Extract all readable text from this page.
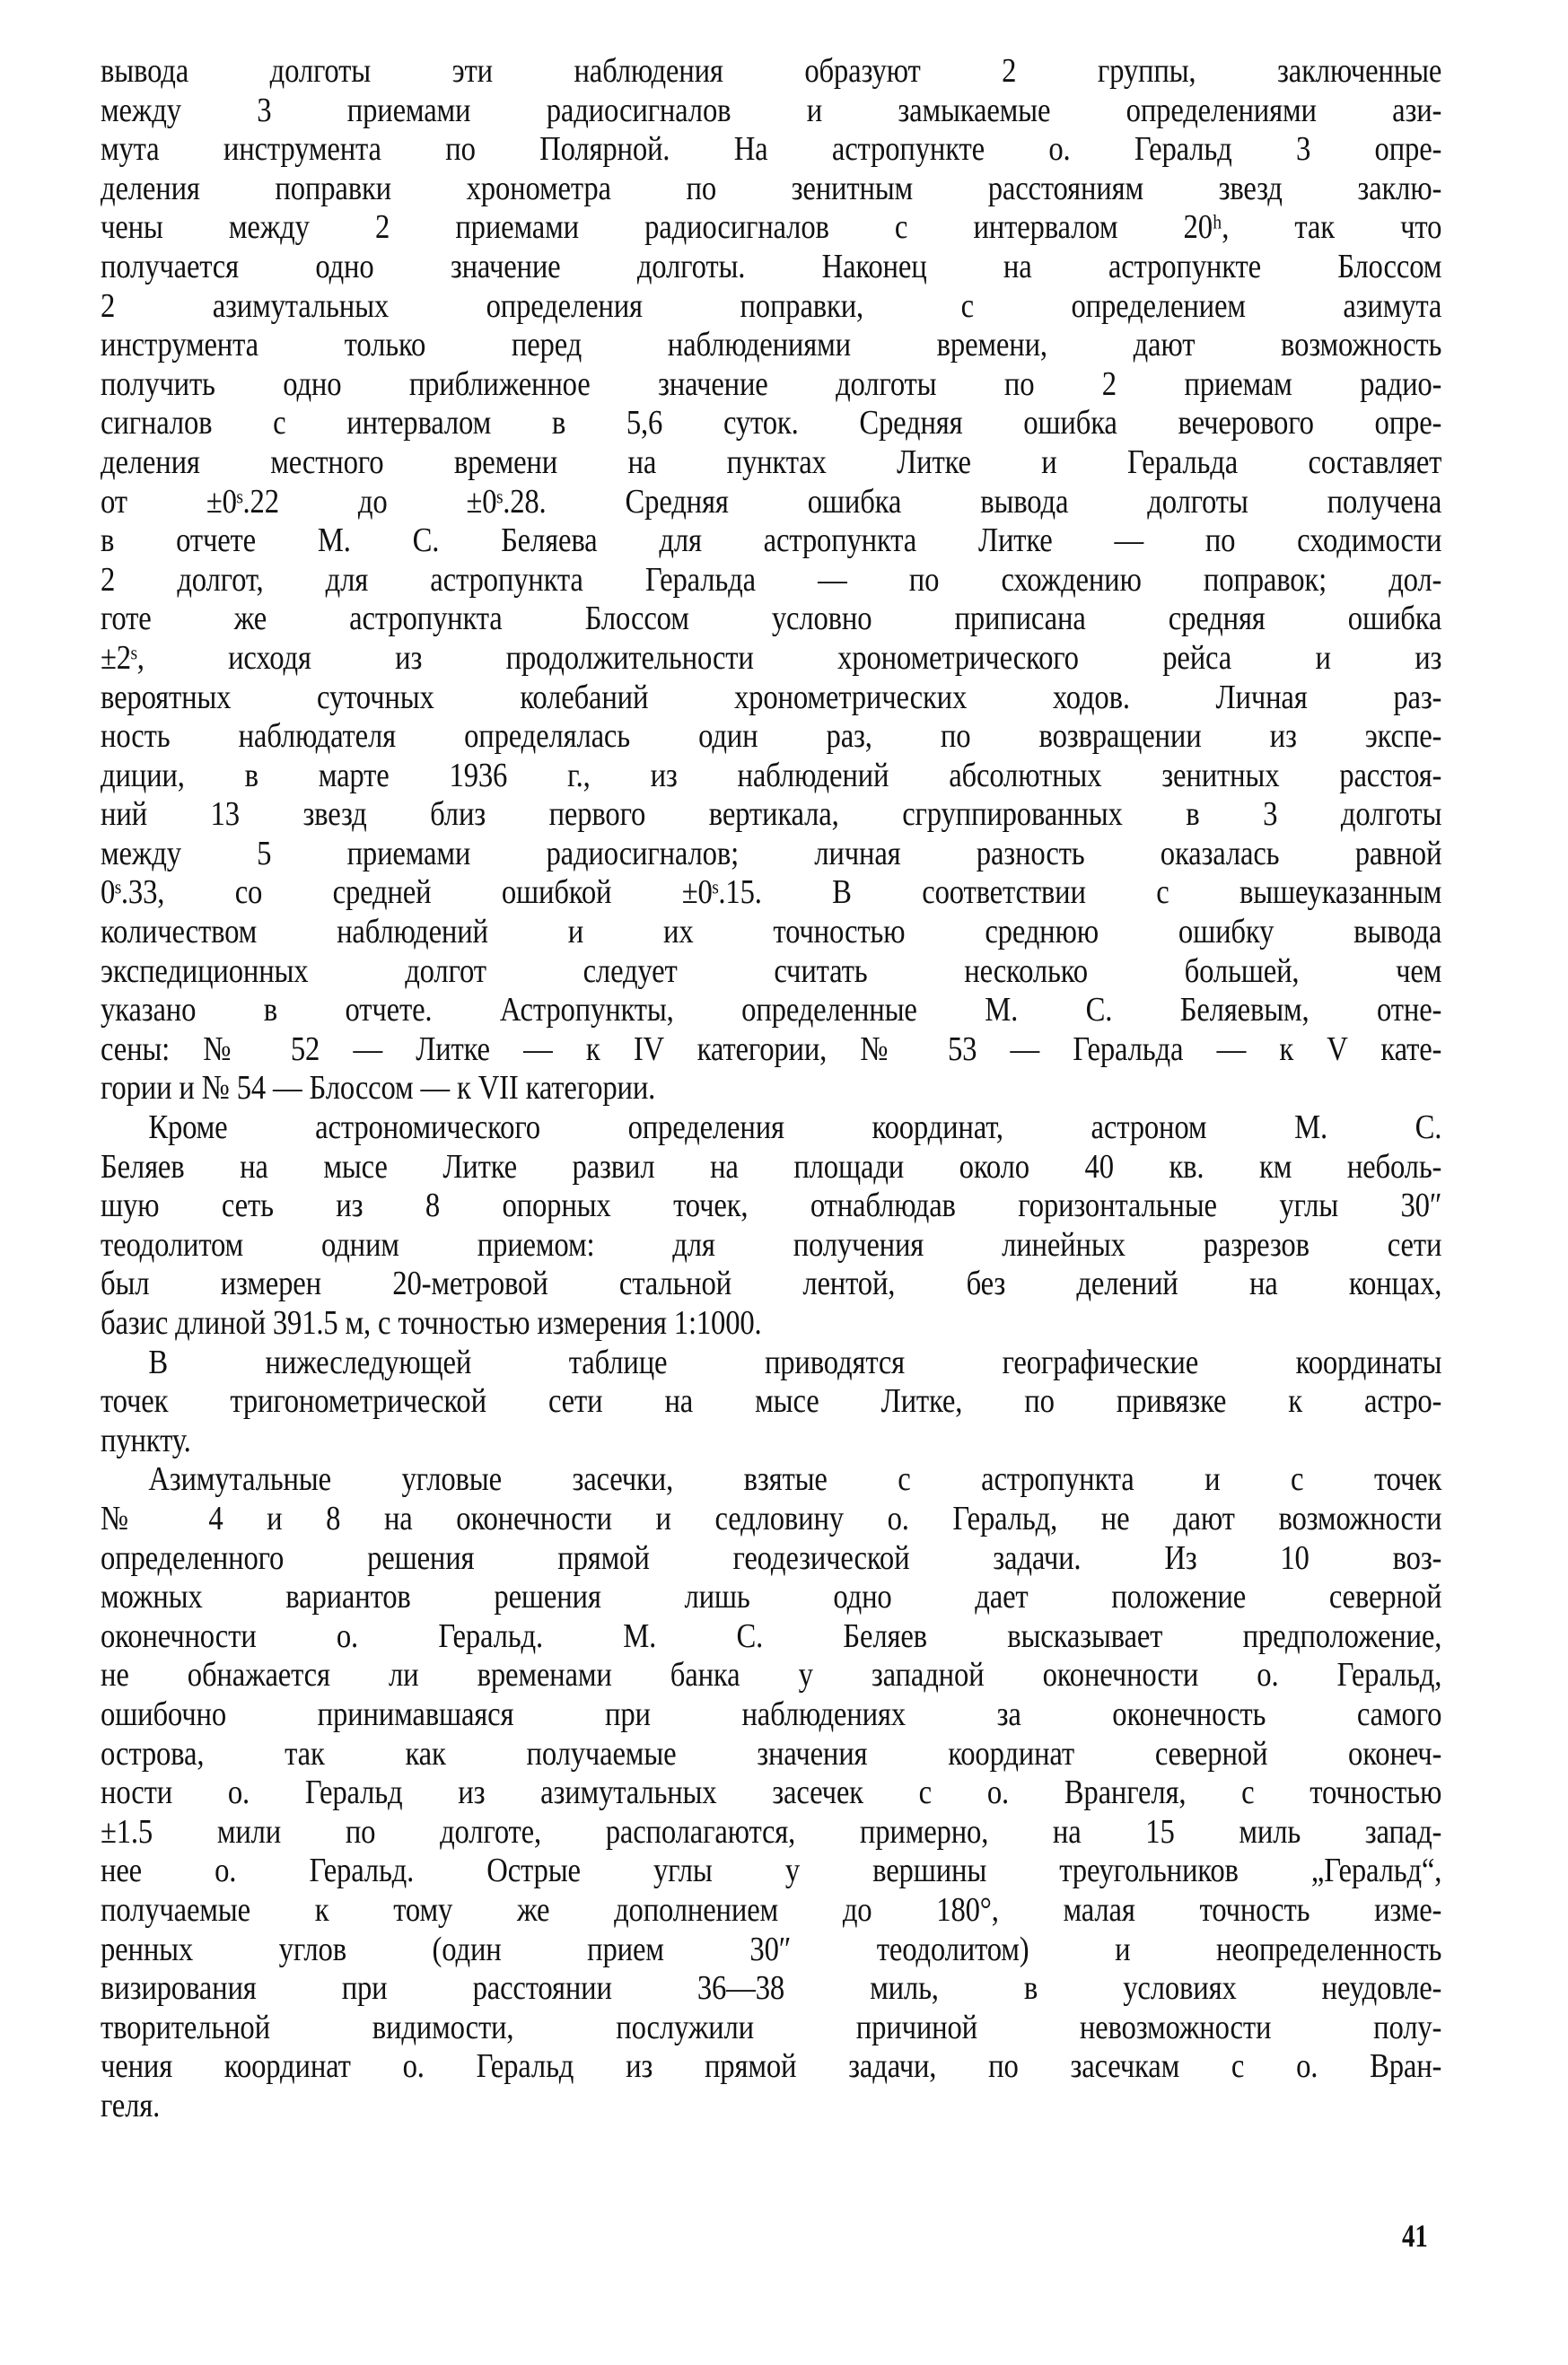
вывода долготы эти наблюдения образуют 2 группы, заключенные
между 3 приемами радиосигналов и замыкаемые определениями ази-
мута инструмента по Полярной. На астропункте о. Геральд 3 опре-
деления поправки хронометра по зенитным расстояниям звезд заклю-
чены между 2 приемами радиосигналов с интервалом 20ʰ, так что
получается одно значение долготы. Наконец на астропункте Блоссом
2 азимутальных определения поправки, с определением азимута
инструмента только перед наблюдениями времени, дают возможность
получить одно приближенное значение долготы по 2 приемам радио-
сигналов с интервалом в 5,6 суток. Средняя ошибка вечерового опре-
деления местного времени на пунктах Литке и Геральда составляет
от ±0ˢ.22 до ±0ˢ.28. Средняя ошибка вывода долготы получена
в отчете М. С. Беляева для астропункта Литке — по сходимости
2 долгот, для астропункта Геральда — по схождению поправок; дол-
готе же астропункта Блоссом условно приписана средняя ошибка
±2ˢ, исходя из продолжительности хронометрического рейса и из
вероятных суточных колебаний хронометрических ходов. Личная раз-
ность наблюдателя определялась один раз, по возвращении из экспе-
диции, в марте 1936 г., из наблюдений абсолютных зенитных расстоя-
ний 13 звезд близ первого вертикала, сгруппированных в 3 долготы
между 5 приемами радиосигналов; личная разность оказалась равной
0ˢ.33, со средней ошибкой ±0ˢ.15. В соответствии с вышеуказанным
количеством наблюдений и их точностью среднюю ошибку вывода
экспедиционных долгот следует считать несколько большей, чем
указано в отчете. Астропункты, определенные М. С. Беляевым, отне-
сены: № 52 — Литке — к IV категории, № 53 — Геральда — к V кате-
гории и № 54 — Блоссом — к VII категории.
Кроме астрономического определения координат, астроном М. С.
Беляев на мысе Литке развил на площади около 40 кв. км неболь-
шую сеть из 8 опорных точек, отнаблюдав горизонтальные углы 30″
теодолитом одним приемом: для получения линейных разрезов сети
был измерен 20-метровой стальной лентой, без делений на концах,
базис длиной 391.5 м, с точностью измерения 1:1000.
В нижеследующей таблице приводятся географические координаты
точек тригонометрической сети на мысе Литке, по привязке к астро-
пункту.
Азимутальные угловые засечки, взятые с астропункта и с точек
№ 4 и 8 на оконечности и седловину о. Геральд, не дают возможности
определенного решения прямой геодезической задачи. Из 10 воз-
можных вариантов решения лишь одно дает положение северной
оконечности о. Геральд. М. С. Беляев высказывает предположение,
не обнажается ли временами банка у западной оконечности о. Геральд,
ошибочно принимавшаяся при наблюдениях за оконечность самого
острова, так как получаемые значения координат северной оконеч-
ности о. Геральд из азимутальных засечек с о. Врангеля, с точностью
±1.5 мили по долготе, располагаются, примерно, на 15 миль запад-
нее о. Геральд. Острые углы у вершины треугольников „Геральд“,
получаемые к тому же дополнением до 180°, малая точность изме-
ренных углов (один прием 30″ теодолитом) и неопределенность
визирования при расстоянии 36—38 миль, в условиях неудовле-
творительной видимости, послужили причиной невозможности полу-
чения координат о. Геральд из прямой задачи, по засечкам с о. Вран-
геля.
41
